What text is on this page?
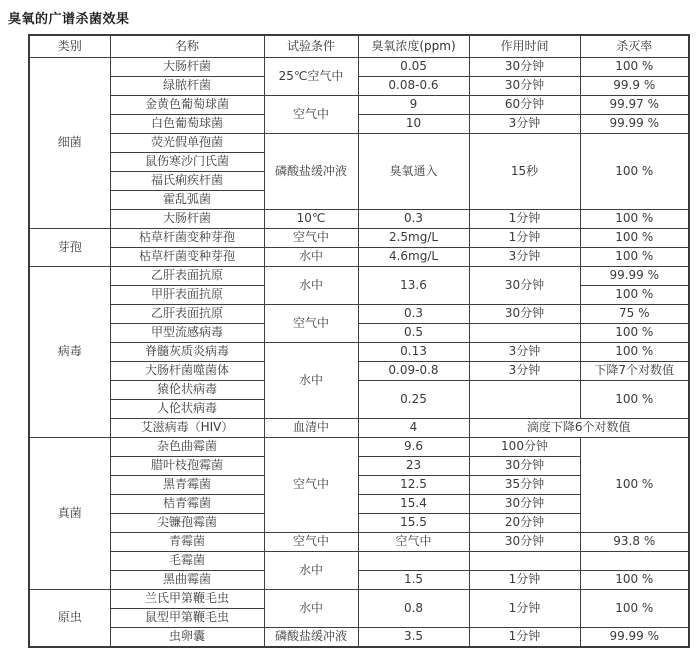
臭氧的广谱杀菌效果
类别	名称	试验条件	臭氧浓度(ppm)	作用时间	杀灭率
细菌	大肠杆菌	25℃空气中	0.05	30分钟	100 %
	绿脓杆菌		0.08-0.6	30分钟	99.9 %
	金黄色葡萄球菌	空气中	9	60分钟	99.97 %
	白色葡萄球菌		10	3分钟	99.99 %
	荧光假单孢菌	磷酸盐缓冲液	臭氧通入	15秒	100 %
	鼠伤寒沙门氏菌				
	福氏痢疾杆菌				
	霍乱弧菌				
	大肠杆菌	10℃	0.3	1分钟	100 %
芽孢	枯草杆菌变种芽孢	空气中	2.5mg/L	1分钟	100 %
	枯草杆菌变种芽孢	水中	4.6mg/L	3分钟	100 %
病毒	乙肝表面抗原	水中	13.6	30分钟	99.99 %
	甲肝表面抗原				100 %
	乙肝表面抗原	空气中	0.3	30分钟	75 %
	甲型流感病毒		0.5		100 %
	脊髓灰质炎病毒	水中	0.13	3分钟	100 %
	大肠杆菌噬菌体		0.09-0.8	3分钟	下降7个对数值
	猿伦状病毒		0.25		100 %
	人伦状病毒				
	艾滋病毒（HIV）	血清中	4	滴度下降6个对数值	
真菌	杂色曲霉菌	空气中	9.6	100分钟	100 %
	腊叶枝孢霉菌		23	30分钟	
	黑青霉菌		12.5	35分钟	
	桔青霉菌		15.4	30分钟	
	尖镰孢霉菌		15.5	20分钟	
	青霉菌	空气中	空气中	30分钟	93.8 %
	毛霉菌	水中			
	黑曲霉菌		1.5	1分钟	100 %
原虫	兰氏甲第鞭毛虫	水中	0.8	1分钟	100 %
	鼠型甲第鞭毛虫				
	虫卵囊	磷酸盐缓冲液	3.5	1分钟	99.99 %
